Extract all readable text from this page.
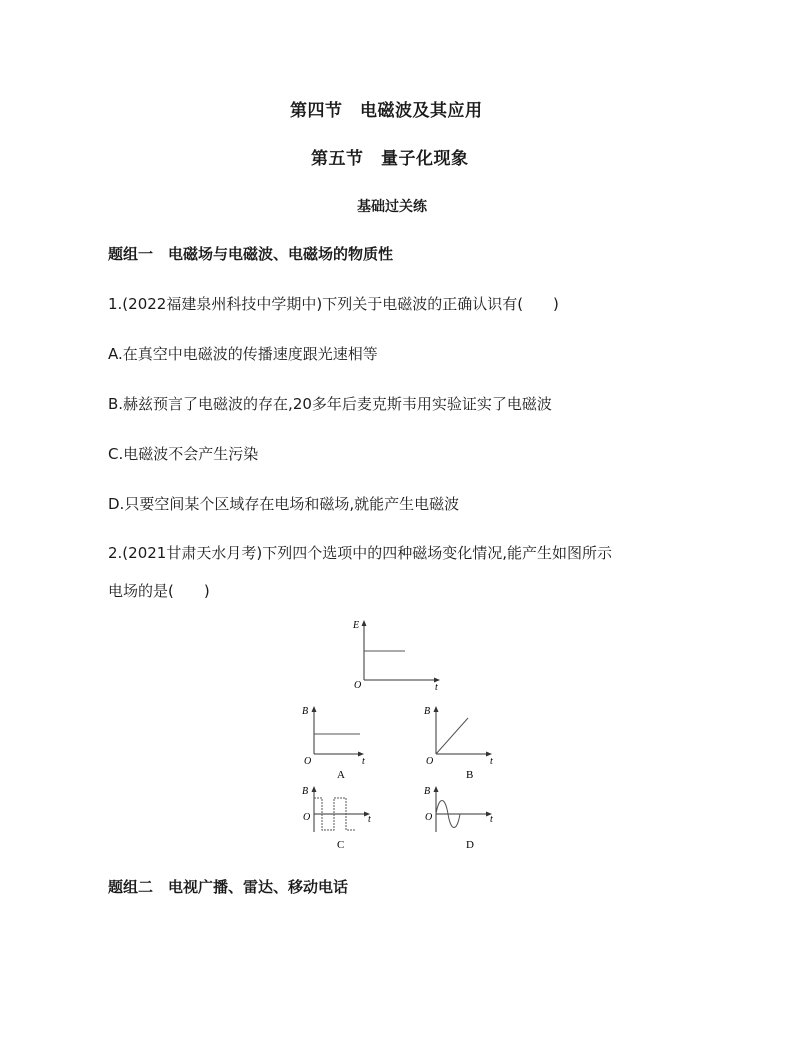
第四节　电磁波及其应用
第五节　量子化现象
基础过关练
题组一　电磁场与电磁波、电磁场的物质性
1.(2022福建泉州科技中学期中)下列关于电磁波的正确认识有(　　)
A.在真空中电磁波的传播速度跟光速相等
B.赫兹预言了电磁波的存在,20多年后麦克斯韦用实验证实了电磁波
C.电磁波不会产生污染
D.只要空间某个区域存在电场和磁场,就能产生电磁波
2.(2021甘肃天水月考)下列四个选项中的四种磁场变化情况,能产生如图所示
电场的是(　　)
E
t
O
B
t
O
A
B
t
O
B
B
t
O
C
B
t
O
D
题组二　电视广播、雷达、移动电话
